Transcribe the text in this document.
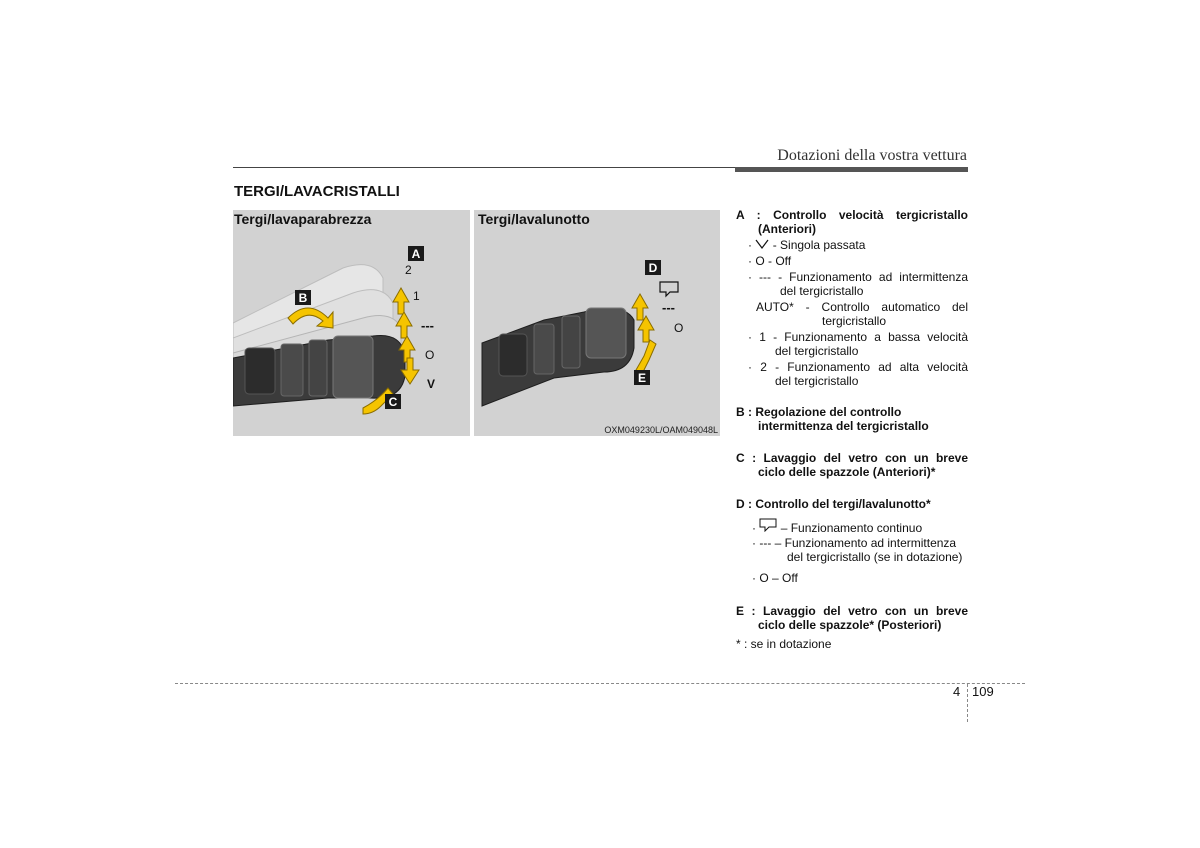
Dotazioni della vostra vettura
TERGI/LAVACRISTALLI
Tergi/lavaparabrezza
A
B
C
2
1
---
O
V
Tergi/lavalunotto
D
E
---
O
OXM049230L/OAM049048L
A : Controllo velocità tergicristallo
(Anteriori)
·  - Singola passata
· O - Off
· --- - Funzionamento ad intermittenza
del tergicristallo
AUTO* - Controllo automatico del
tergicristallo
· 1 - Funzionamento a bassa velocità
del tergicristallo
· 2 - Funzionamento ad alta velocità
del tergicristallo
B : Regolazione del controllo
intermittenza del tergicristallo
C : Lavaggio del vetro con un breve
ciclo delle spazzole (Anteriori)*
D : Controllo del tergi/lavalunotto*
·  – Funzionamento continuo
· --- – Funzionamento ad intermittenza
del tergicristallo (se in dotazione)
· O – Off
E : Lavaggio del vetro con un breve
ciclo delle spazzole* (Posteriori)
* : se in dotazione
4 109
